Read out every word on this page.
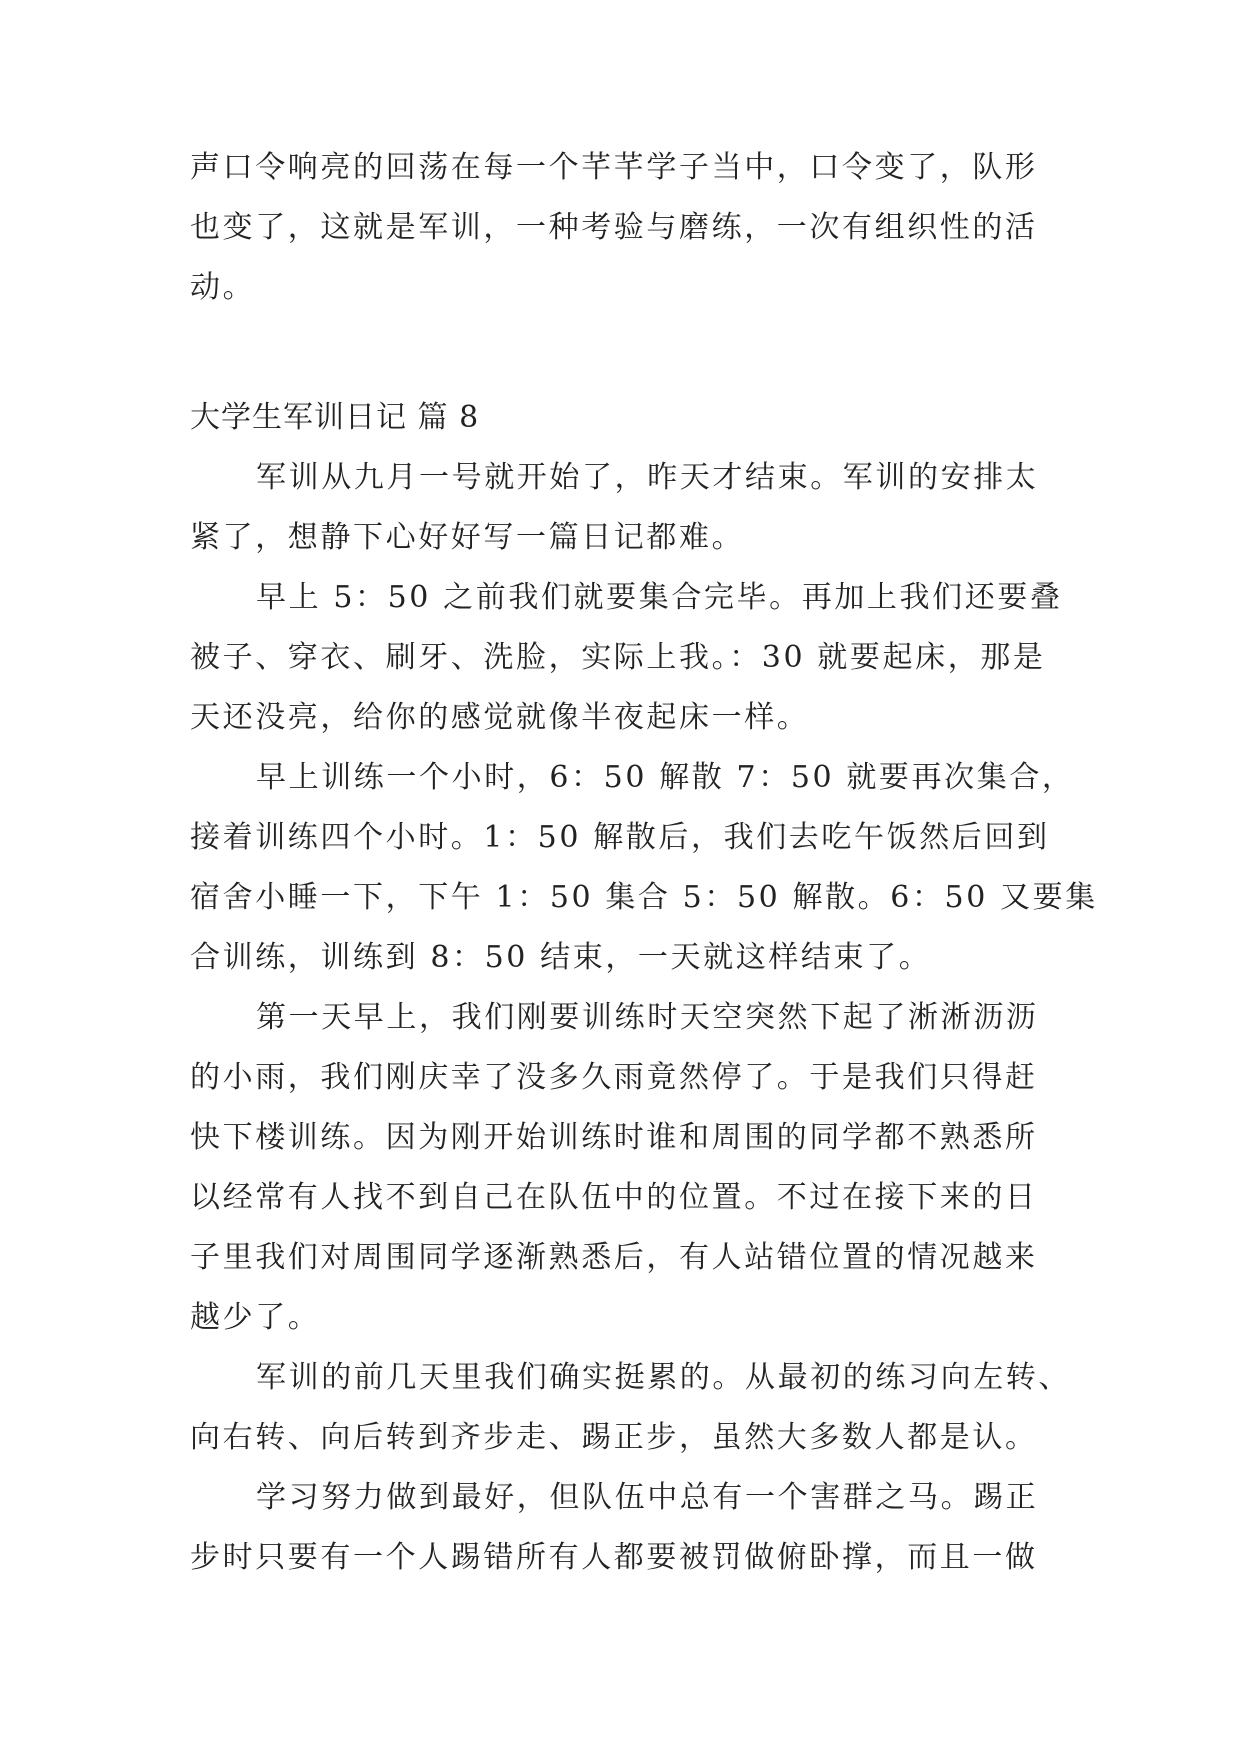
声口令响亮的回荡在每一个芊芊学子当中，口令变了，队形
也变了，这就是军训，一种考验与磨练，一次有组织性的活
动。
大学生军训日记 篇 8
军训从九月一号就开始了，昨天才结束。军训的安排太
紧了，想静下心好好写一篇日记都难。
早上 5：50 之前我们就要集合完毕。再加上我们还要叠
被子、穿衣、刷牙、洗脸，实际上我。：30 就要起床，那是
天还没亮，给你的感觉就像半夜起床一样。
早上训练一个小时，6：50 解散 7：50 就要再次集合，
接着训练四个小时。1：50 解散后，我们去吃午饭然后回到
宿舍小睡一下，下午 1：50 集合 5：50 解散。6：50 又要集
合训练，训练到 8：50 结束，一天就这样结束了。
第一天早上，我们刚要训练时天空突然下起了淅淅沥沥
的小雨，我们刚庆幸了没多久雨竟然停了。于是我们只得赶
快下楼训练。因为刚开始训练时谁和周围的同学都不熟悉所
以经常有人找不到自己在队伍中的位置。不过在接下来的日
子里我们对周围同学逐渐熟悉后，有人站错位置的情况越来
越少了。
军训的前几天里我们确实挺累的。从最初的练习向左转、
向右转、向后转到齐步走、踢正步，虽然大多数人都是认。
学习努力做到最好，但队伍中总有一个害群之马。踢正
步时只要有一个人踢错所有人都要被罚做俯卧撑，而且一做
